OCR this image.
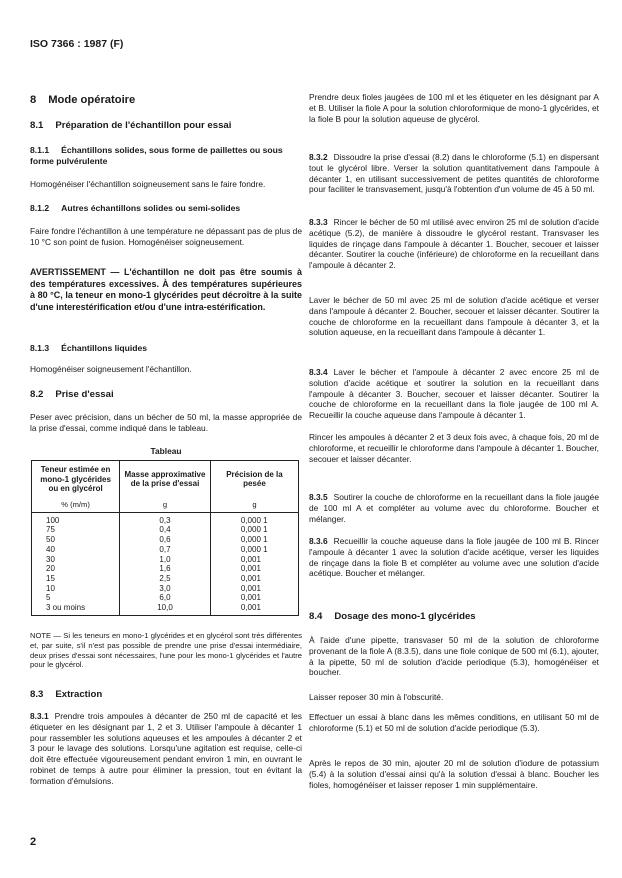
ISO 7366 : 1987 (F)
8 Mode opératoire
8.1 Préparation de l'échantillon pour essai
8.1.1 Échantillons solides, sous forme de paillettes ou sous forme pulvérulente
Homogénéiser l'échantillon soigneusement sans le faire fondre.
8.1.2 Autres échantillons solides ou semi-solides
Faire fondre l'échantillon à une température ne dépassant pas de plus de 10 °C son point de fusion. Homogénéiser soigneusement.
AVERTISSEMENT — L'échantillon ne doit pas être soumis à des températures excessives. À des températures supérieures à 80 °C, la teneur en mono-1 glycérides peut décroître à la suite d'une interestérification et/ou d'une intra-estérification.
8.1.3 Échantillons liquides
Homogénéiser soigneusement l'échantillon.
8.2 Prise d'essai
Peser avec précision, dans un bécher de 50 ml, la masse appropriée de la prise d'essai, comme indiqué dans le tableau.
Tableau
Teneur estimée en mono-1 glycérides ou en glycérol	Masse approximative de la prise d'essai	Précision de la pesée
% (m/m)	g	g
100	0,3	0,000 1
75	0,4	0,000 1
50	0,6	0,000 1
40	0,7	0,000 1
30	1,0	0,001
20	1,6	0,001
15	2,5	0,001
10	3,0	0,001
5	6,0	0,001
3 ou moins	10,0	0,001
NOTE — Si les teneurs en mono-1 glycérides et en glycérol sont très différentes et, par suite, s'il n'est pas possible de prendre une prise d'essai intermédiaire, deux prises d'essai sont nécessaires, l'une pour les mono-1 glycérides et l'autre pour le glycérol.
8.3 Extraction
8.3.1 Prendre trois ampoules à décanter de 250 ml de capacité et les étiqueter en les désignant par 1, 2 et 3. Utiliser l'ampoule à décanter 1 pour rassembler les solutions aqueuses et les ampoules à décanter 2 et 3 pour le lavage des solutions. Lorsqu'une agitation est requise, celle-ci doit être effectuée vigoureusement pendant environ 1 min, en ouvrant le robinet de temps à autre pour éliminer la pression, tout en évitant la formation d'émulsions.
2
Prendre deux fioles jaugées de 100 ml et les étiqueter en les désignant par A et B. Utiliser la fiole A pour la solution chloroformique de mono-1 glycérides, et la fiole B pour la solution aqueuse de glycérol.
8.3.2 Dissoudre la prise d'essai (8.2) dans le chloroforme (5.1) en dispersant tout le glycérol libre. Verser la solution quantitativement dans l'ampoule à décanter 1, en utilisant successivement de petites quantités de chloroforme pour faciliter le transvasement, jusqu'à l'obtention d'un volume de 45 à 50 ml.
8.3.3 Rincer le bécher de 50 ml utilisé avec environ 25 ml de solution d'acide acétique (5.2), de manière à dissoudre le glycérol restant. Transvaser les liquides de rinçage dans l'ampoule à décanter 1. Boucher, secouer et laisser décanter. Soutirer la couche (inférieure) de chloroforme en la recueillant dans l'ampoule à décanter 2.
Laver le bécher de 50 ml avec 25 ml de solution d'acide acétique et verser dans l'ampoule à décanter 2. Boucher, secouer et laisser décanter. Soutirer la couche de chloroforme en la recueillant dans l'ampoule à décanter 3, et la solution aqueuse, en la recueillant dans l'ampoule à décanter 1.
8.3.4 Laver le bécher et l'ampoule à décanter 2 avec encore 25 ml de solution d'acide acétique et soutirer la solution en la recueillant dans l'ampoule à décanter 3. Boucher, secouer et laisser décanter. Soutirer la couche de chloroforme en la recueillant dans la fiole jaugée de 100 ml A. Recueillir la couche aqueuse dans l'ampoule à décanter 1.
Rincer les ampoules à décanter 2 et 3 deux fois avec, à chaque fois, 20 ml de chloroforme, et recueillir le chloroforme dans l'ampoule à décanter 1. Boucher, secouer et laisser décanter.
8.3.5 Soutirer la couche de chloroforme en la recueillant dans la fiole jaugée de 100 ml A et compléter au volume avec du chloroforme. Boucher et mélanger.
8.3.6 Recueillir la couche aqueuse dans la fiole jaugée de 100 ml B. Rincer l'ampoule à décanter 1 avec la solution d'acide acétique, verser les liquides de rinçage dans la fiole B et compléter au volume avec une solution d'acide acétique. Boucher et mélanger.
8.4 Dosage des mono-1 glycérides
À l'aide d'une pipette, transvaser 50 ml de la solution de chloroforme provenant de la fiole A (8.3.5), dans une fiole conique de 500 ml (6.1), ajouter, à la pipette, 50 ml de solution d'acide periodique (5.3), homogénéiser et boucher.
Laisser reposer 30 min à l'obscurité.
Effectuer un essai à blanc dans les mêmes conditions, en utilisant 50 ml de chloroforme (5.1) et 50 ml de solution d'acide periodique (5.3).
Après le repos de 30 min, ajouter 20 ml de solution d'iodure de potassium (5.4) à la solution d'essai ainsi qu'à la solution d'essai à blanc. Boucher les fioles, homogénéiser et laisser reposer 1 min supplémentaire.
